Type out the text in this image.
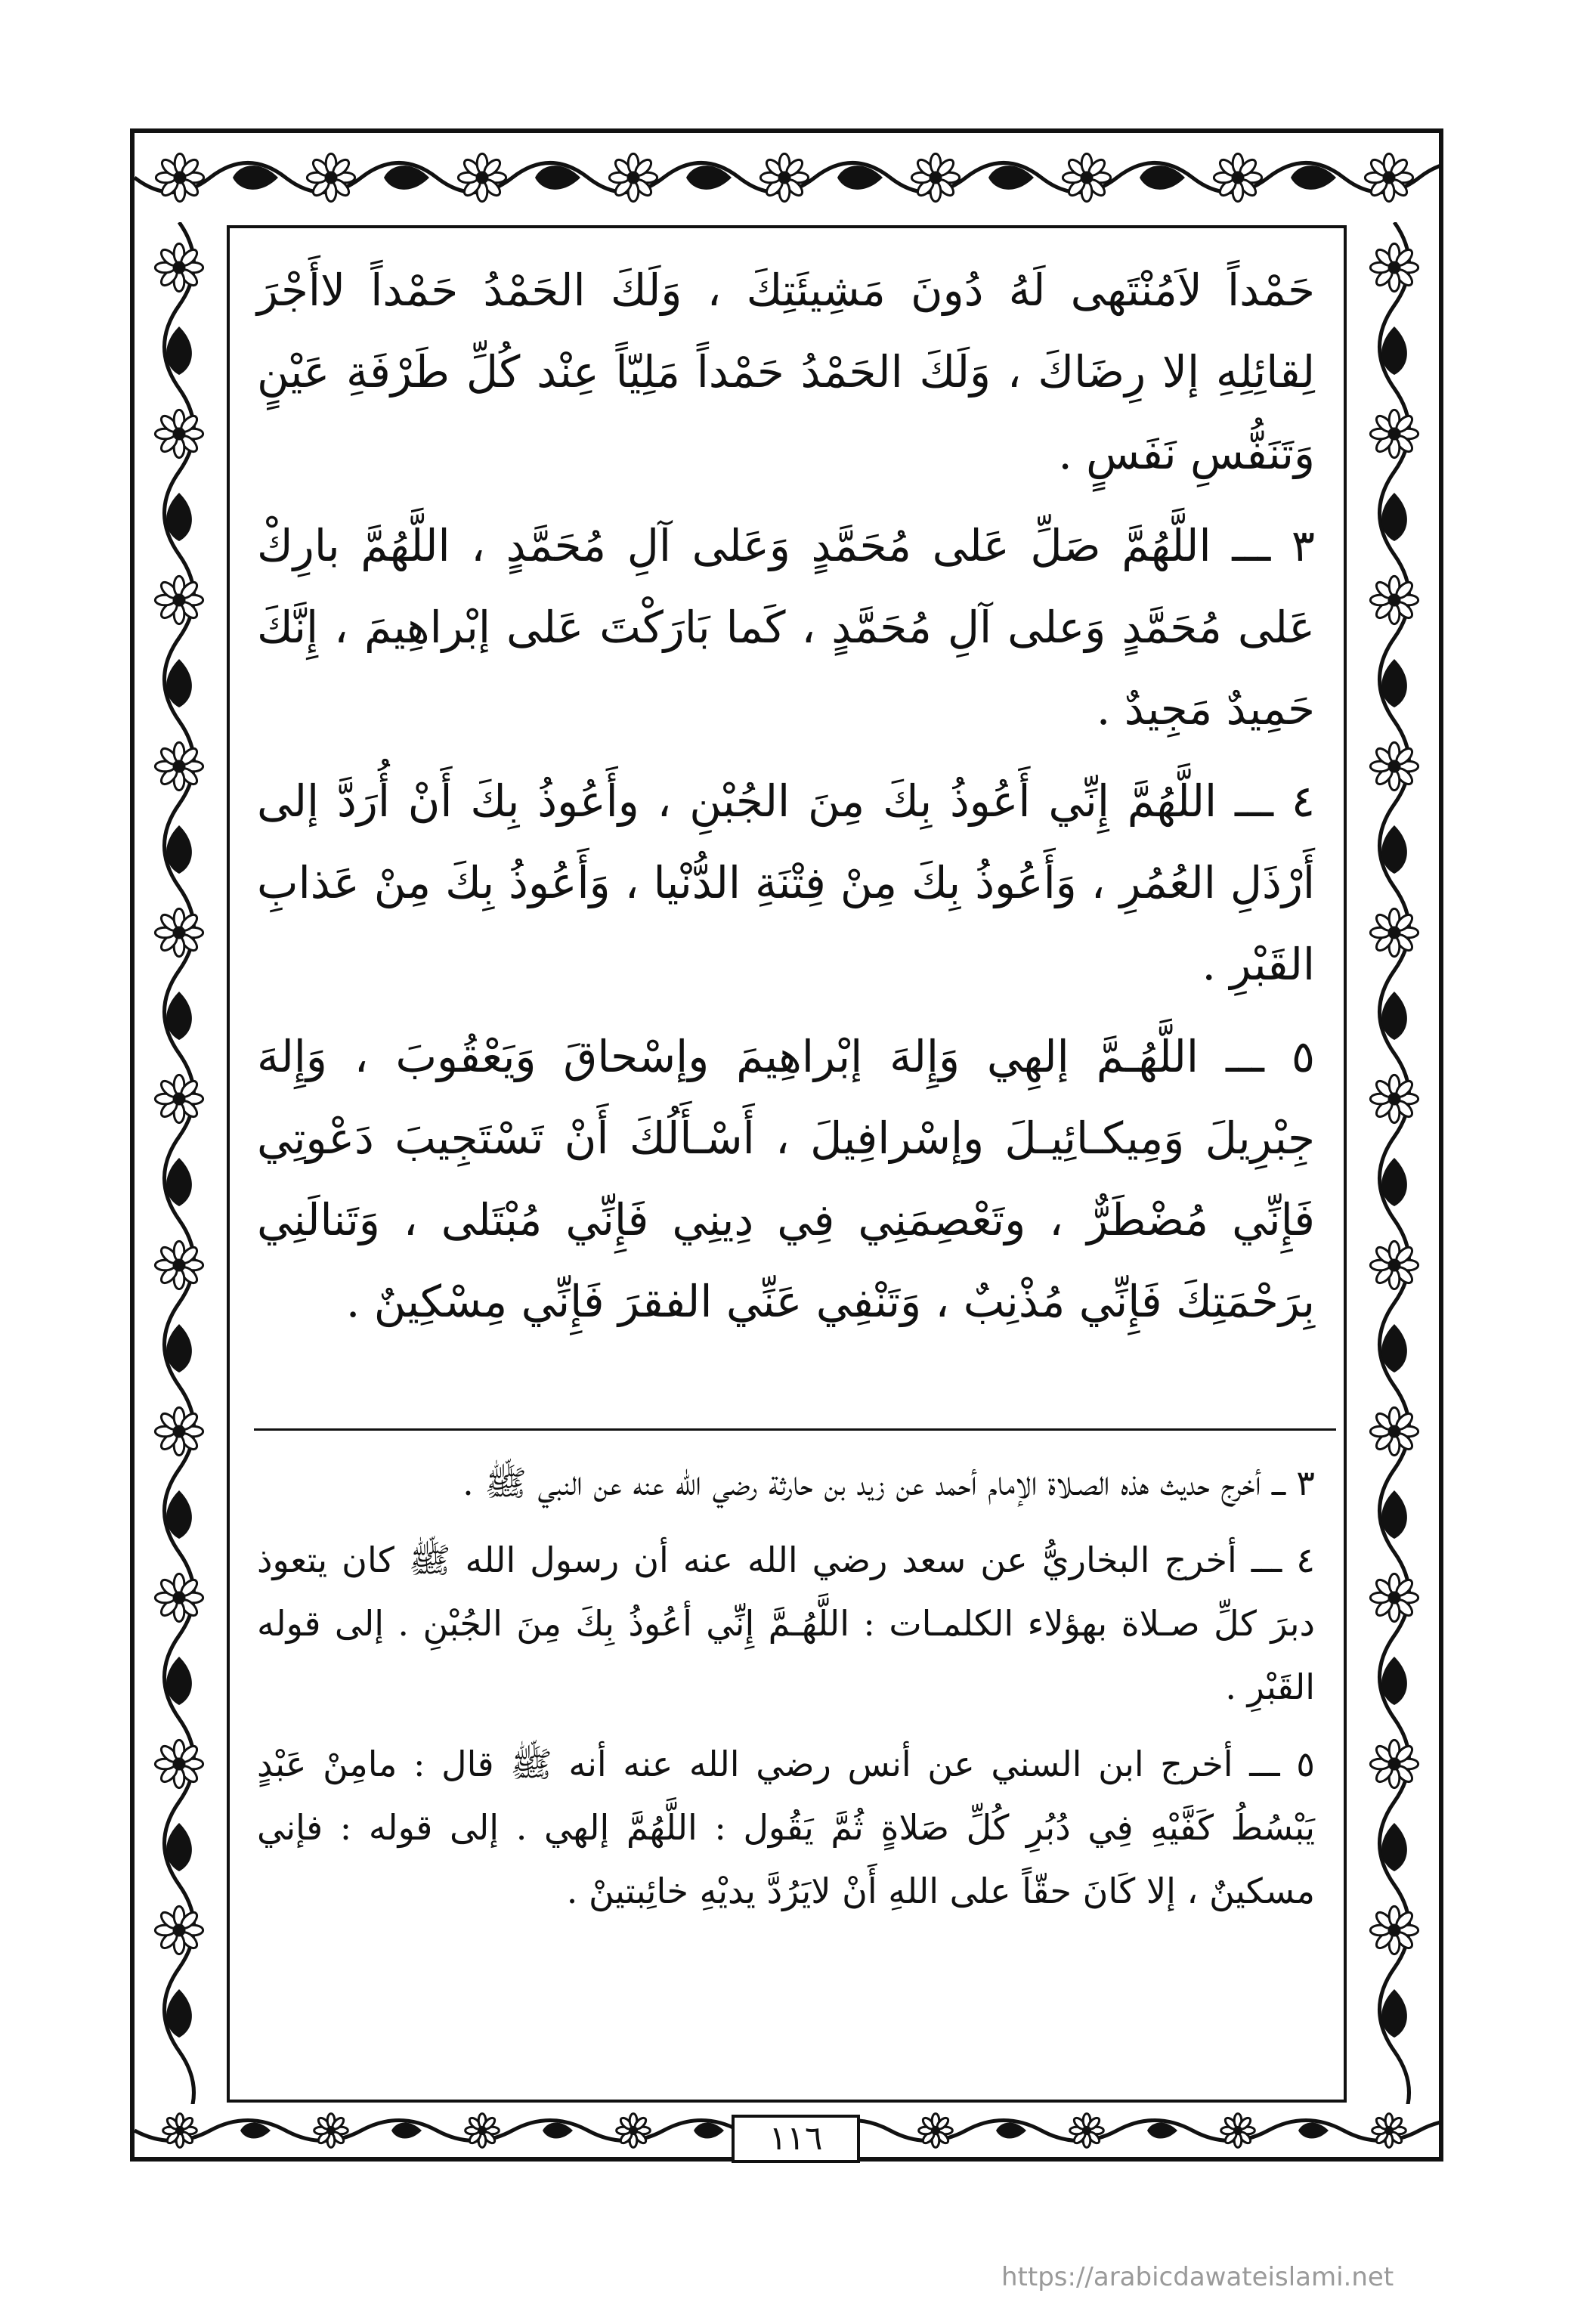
حَمْداً لاَمُنْتَهى لَهُ دُونَ مَشِيئَتِكَ ، وَلَكَ الحَمْدُ حَمْداً لاأَجْرَ لِقائِلِهِ إلا رِضَاكَ ، وَلَكَ الحَمْدُ حَمْداً مَلِيّاً عِنْد كُلِّ طَرْفَةِ عَيْنٍ وَتَنَفُّسِ نَفَسٍ .

٣ ـــ اللَّهُمَّ صَلِّ عَلى مُحَمَّدٍ وَعَلى آلِ مُحَمَّدٍ ، اللَّهُمَّ بارِكْ عَلى مُحَمَّدٍ وَعلى آلِ مُحَمَّدٍ ، كَما بَارَكْتَ عَلى إبْراهِيمَ ، إِنَّكَ حَمِيدٌ مَجِيدٌ .

٤ ـــ اللَّهُمَّ إِنِّي أَعُوذُ بِكَ مِنَ الجُبْنِ ، وأَعُوذُ بِكَ أَنْ أُرَدَّ إلى أَرْذَلِ العُمُرِ ، وَأَعُوذُ بِكَ مِنْ فِتْنَةِ الدُّنْيا ، وَأَعُوذُ بِكَ مِنْ عَذابِ القَبْرِ .

٥ ـــ اللَّهُـمَّ إلهِي وَإِلهَ إبْراهِيمَ وإسْحاقَ وَيَعْقُوبَ ، وَإِلهَ جِبْرِيلَ وَمِيكـائِيـلَ وإسْرافِيلَ ، أَسْـأَلُكَ أَنْ تَسْتَجِيبَ دَعْوتِي فَإِنِّي مُضْطَرٌّ ، وتَعْصِمَنِي فِي دِينِي فَإِنِّي مُبْتَلى ، وَتَنالَنِي بِرَحْمَتِكَ فَإِنِّي مُذْنِبٌ ، وَتَنْفِي عَنِّي الفقرَ فَإِنِّي مِسْكِينٌ .

٣ ـــ أخرج حديث هذه الصـلاة الإمام أحمد عن زيد بن حارثة رضي الله عنه عن النبي ﷺ .

٤ ـــ أخرج البخاريُّ عن سعد رضي الله عنه أن رسول الله ﷺ كان يتعوذ دبرَ كلِّ صـلاة بهؤلاء الكلمـات : اللَّهُـمَّ إِنِّي أعُوذُ بِكَ مِنَ الجُبْنِ . إلى قوله القَبْرِ .

٥ ـــ أخرج ابن السني عن أنس رضي الله عنه أنه ﷺ قال : مامِنْ عَبْدٍ يَبْسُطُ كَفَّيْهِ فِي دُبُرِ كُلِّ صَلاةٍ ثُمَّ يَقُول : اللَّهُمَّ إلهي . إلى قوله : فإني مسكينٌ ، إلا كَانَ حقّاً على اللهِ أَنْ لايَرُدَّ يديْهِ خائِبتينْ .

١١٦
https://arabicdawateislami.net
